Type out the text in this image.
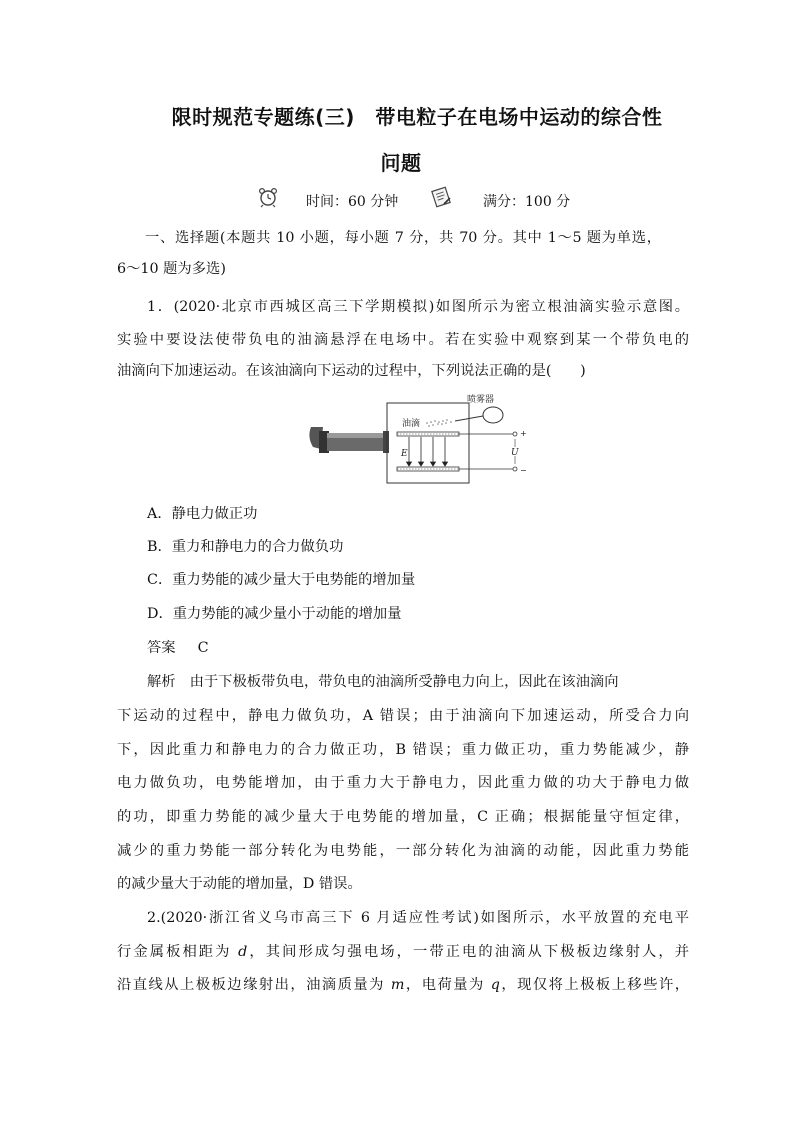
限时规范专题练(三)　带电粒子在电场中运动的综合性
问题
时间：60 分钟	满分：100 分
一、选择题(本题共 10 小题，每小题 7 分，共 70 分。其中 1～5 题为单选，
6～10 题为多选)
1．(2020·北京市西城区高三下学期模拟)如图所示为密立根油滴实验示意图。
实验中要设法使带负电的油滴悬浮在电场中。若在实验中观察到某一个带负电的
油滴向下加速运动。在该油滴向下运动的过程中，下列说法正确的是(　　)
喷雾器
油滴
E
+
−
U
A．静电力做正功
B．重力和静电力的合力做负功
C．重力势能的减少量大于电势能的增加量
D．重力势能的减少量小于动能的增加量
答案 C
解析 由于下极板带负电，带负电的油滴所受静电力向上，因此在该油滴向
下运动的过程中，静电力做负功，A 错误；由于油滴向下加速运动，所受合力向
下，因此重力和静电力的合力做正功，B 错误；重力做正功，重力势能减少，静
电力做负功，电势能增加，由于重力大于静电力，因此重力做的功大于静电力做
的功，即重力势能的减少量大于电势能的增加量，C 正确；根据能量守恒定律，
减少的重力势能一部分转化为电势能，一部分转化为油滴的动能，因此重力势能
的减少量大于动能的增加量，D 错误。
2.(2020·浙江省义乌市高三下 6 月适应性考试)如图所示，水平放置的充电平
行金属板相距为 d，其间形成匀强电场，一带正电的油滴从下极板边缘射人，并
沿直线从上极板边缘射出，油滴质量为 m，电荷量为 q，现仅将上极板上移些许，
